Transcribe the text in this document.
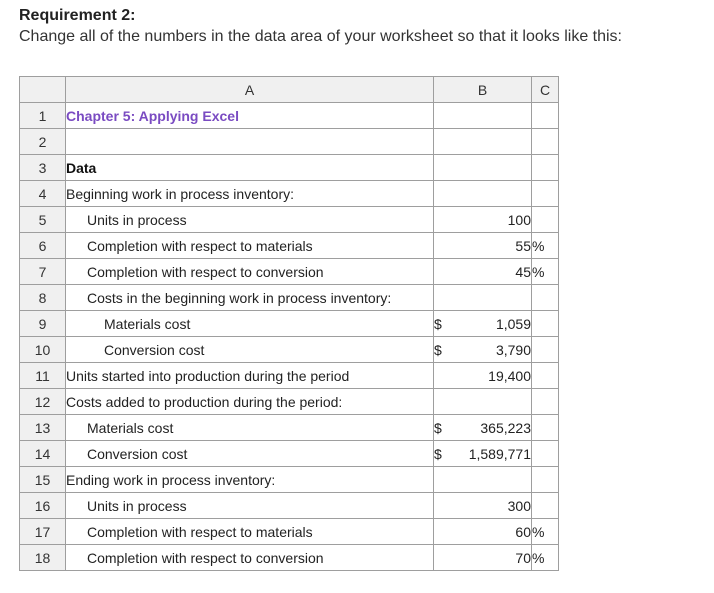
Requirement 2:
Change all of the numbers in the data area of your worksheet so that it looks like this:
	A	B	C
1	Chapter 5: Applying Excel	

2		

3	Data	

4	Beginning work in process inventory:	

5	Units in process	100	

6	Completion with respect to materials	55	%
7	Completion with respect to conversion	45	%
8	Costs in the beginning work in process inventory:	

9	Materials cost	$ 1,059	

10	Conversion cost	$ 3,790	

11	Units started into production during the period	19,400	

12	Costs added to production during the period:	

13	Materials cost	$ 365,223	

14	Conversion cost	$ 1,589,771	

15	Ending work in process inventory:	

16	Units in process	300	

17	Completion with respect to materials	60	%
18	Completion with respect to conversion	70	%
